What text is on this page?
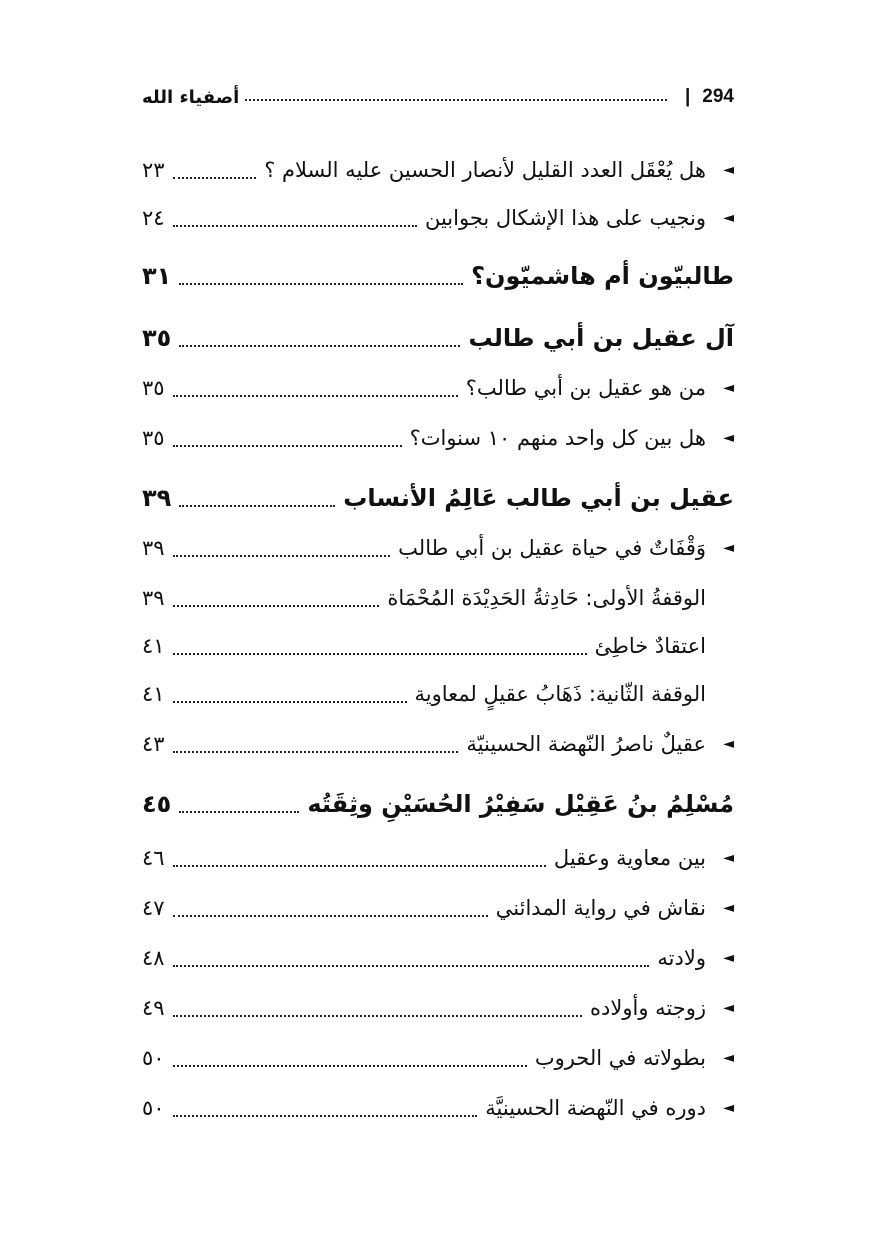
294
|
أصفياء الله
◄
هل يُعْقَل العدد القليل لأنصار الحسين عليه السلام ؟
٢٣
◄
ونجيب على هذا الإشكال بجوابين
٢٤
طالبيّون أم هاشميّون؟
٣١
آل عقيل بن أبي طالب
٣٥
◄
من هو عقيل بن أبي طالب؟
٣٥
◄
هل بين كل واحد منهم ١٠ سنوات؟
٣٥
عقيل بن أبي طالب عَالِمُ الأنساب
٣٩
◄
وَقْفَاتٌ في حياة عقيل بن أبي طالب
٣٩
الوقفةُ الأولى: حَادِثةُ الحَدِيْدَة المُحْمَاة
٣٩
اعتقادٌ خاطِئ
٤١
الوقفة الثّانية: ذَهَابُ عقيلٍ لمعاوية
٤١
◄
عقيلٌ ناصرُ النّهضة الحسينيّة
٤٣
مُسْلِمُ بنُ عَقِيْل سَفِيْرُ الحُسَيْنِ وثِقَتُه
٤٥
◄
بين معاوية وعقيل
٤٦
◄
نقاش في رواية المدائني
٤٧
◄
ولادته
٤٨
◄
زوجته وأولاده
٤٩
◄
بطولاته في الحروب
٥٠
◄
دوره في النّهضة الحسينيَّة
٥٠
